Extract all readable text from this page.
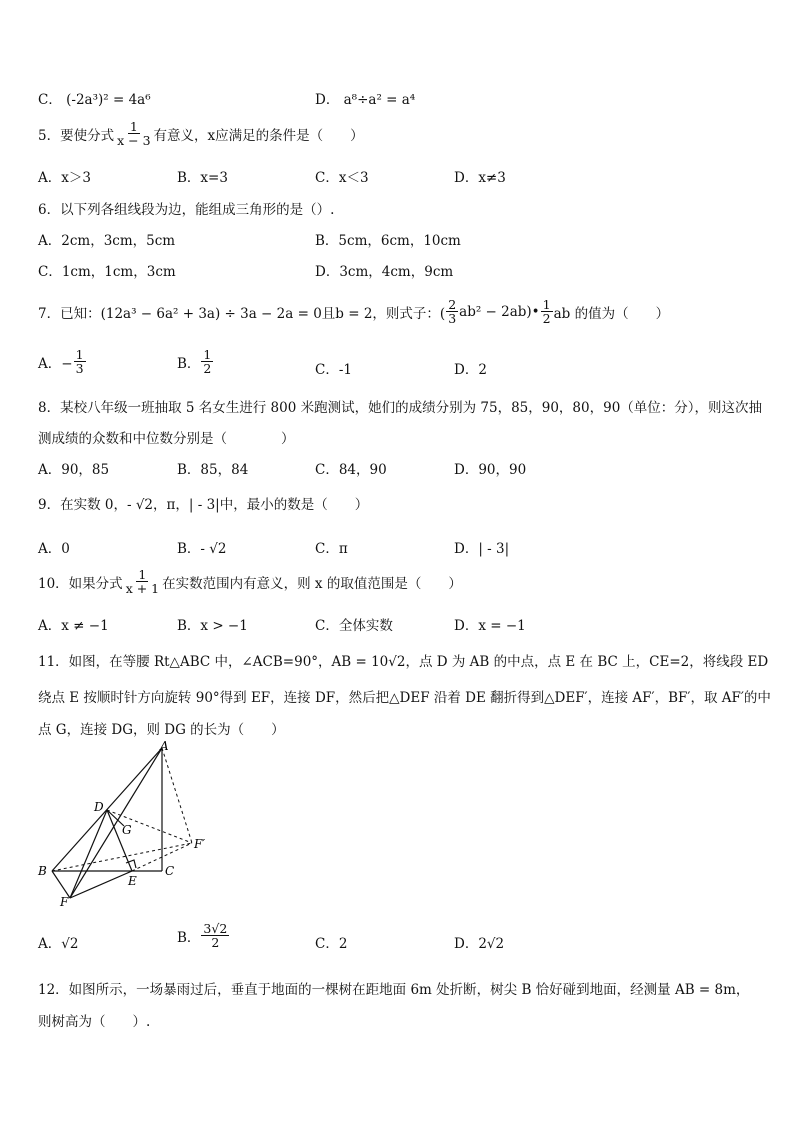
C． (-2a³)² = 4a⁶	D． a⁸÷a² = a⁴
5．要使分式 $\frac{1}{x - 3}$ 有意义，x应满足的条件是（　　）
A．x＞3	B．x=3	C．x＜3	D．x≠3
6．以下列各组线段为边，能组成三角形的是（）.
A．2cm，3cm，5cm	B．5cm，6cm，10cm
C．1cm，1cm，3cm	D．3cm，4cm，9cm
7．已知：(12a³ − 6a² + 3a) ÷ 3a − 2a = 0且b = 2，则式子：( $\frac{2}{3} ab^2$ − 2ab)• $\frac{1}{2}$ ab 的值为（　　）
A．− $\frac{1}{3}$	B． $\frac{1}{2}$	C．-1	D．2
8．某校八年级一班抽取 5 名女生进行 800 米跑测试，她们的成绩分别为 75，85，90，80，90（单位：分），则这次抽
测成绩的众数和中位数分别是（　　　　）
A．90，85	B．85，84	C．84，90	D．90，90
9．在实数 0，- √2，π，| - 3|中，最小的数是（　　）
A．0	B．- √2	C．π	D．| - 3|
10．如果分式 $\frac{1}{x + 1}$ 在实数范围内有意义，则 x 的取值范围是（　　）
A．x ≠ −1	B．x > −1	C．全体实数	D．x = −1
11．如图，在等腰 Rt△ABC 中，∠ACB=90°，AB = 10√2，点 D 为 AB 的中点，点 E 在 BC 上，CE=2，将线段 ED
绕点 E 按顺时针方向旋转 90°得到 EF，连接 DF，然后把△DEF 沿着 DE 翻折得到△DEF′，连接 AF′，BF′，取 AF′的中
点 G，连接 DG，则 DG 的长为（　　）
A
B	C
D
E
F
F′
G
A．√2	B． $\frac{3√2}{2}$	C．2	D．2√2
12．如图所示，一场暴雨过后，垂直于地面的一棵树在距地面 6m 处折断，树尖 B 恰好碰到地面，经测量 AB = 8m，
则树高为（　　）.
